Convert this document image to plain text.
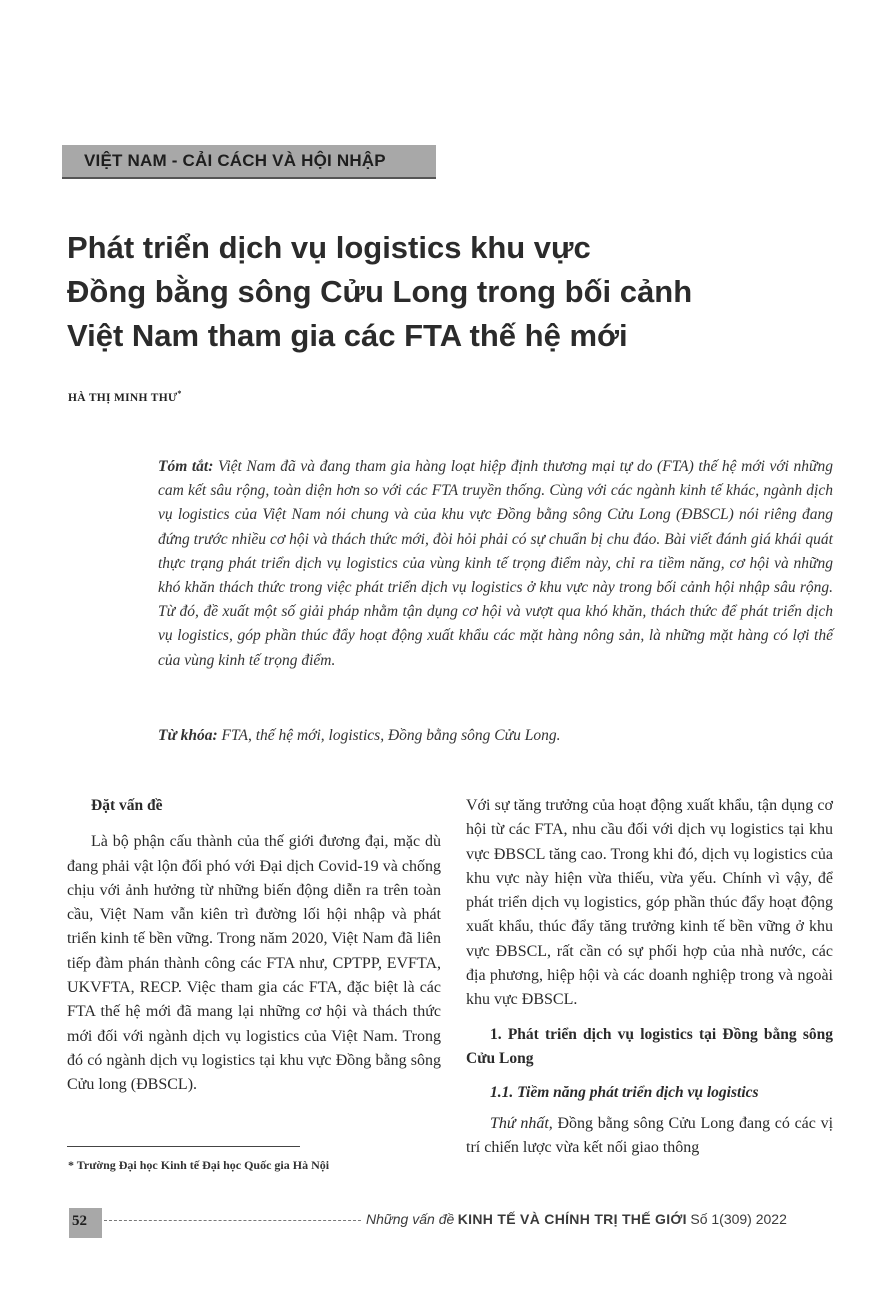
VIỆT NAM - CẢI CÁCH VÀ HỘI NHẬP
Phát triển dịch vụ logistics khu vực
Đồng bằng sông Cửu Long trong bối cảnh
Việt Nam tham gia các FTA thế hệ mới
HÀ THỊ MINH THƯ*
Tóm tắt: Việt Nam đã và đang tham gia hàng loạt hiệp định thương mại tự do (FTA) thế hệ mới với những cam kết sâu rộng, toàn diện hơn so với các FTA truyền thống. Cùng với các ngành kinh tế khác, ngành dịch vụ logistics của Việt Nam nói chung và của khu vực Đồng bằng sông Cửu Long (ĐBSCL) nói riêng đang đứng trước nhiều cơ hội và thách thức mới, đòi hỏi phải có sự chuẩn bị chu đáo. Bài viết đánh giá khái quát thực trạng phát triển dịch vụ logistics của vùng kinh tế trọng điểm này, chỉ ra tiềm năng, cơ hội và những khó khăn thách thức trong việc phát triển dịch vụ logistics ở khu vực này trong bối cảnh hội nhập sâu rộng. Từ đó, đề xuất một số giải pháp nhằm tận dụng cơ hội và vượt qua khó khăn, thách thức để phát triển dịch vụ logistics, góp phần thúc đẩy hoạt động xuất khẩu các mặt hàng nông sản, là những mặt hàng có lợi thế của vùng kinh tế trọng điểm.
Từ khóa: FTA, thế hệ mới, logistics, Đồng bằng sông Cửu Long.

Đặt vấn đề

Là bộ phận cấu thành của thế giới đương đại, mặc dù đang phải vật lộn đối phó với Đại dịch Covid-19 và chống chịu với ảnh hưởng từ những biến động diễn ra trên toàn cầu, Việt Nam vẫn kiên trì đường lối hội nhập và phát triển kinh tế bền vững. Trong năm 2020, Việt Nam đã liên tiếp đàm phán thành công các FTA như, CPTPP, EVFTA, UKVFTA, RECP. Việc tham gia các FTA, đặc biệt là các FTA thế hệ mới đã mang lại những cơ hội và thách thức mới đối với ngành dịch vụ logistics của Việt Nam. Trong đó có ngành dịch vụ logistics tại khu vực Đồng bằng sông Cửu long (ĐBSCL).

Với sự tăng trưởng của hoạt động xuất khẩu, tận dụng cơ hội từ các FTA, nhu cầu đối với dịch vụ logistics tại khu vực ĐBSCL tăng cao. Trong khi đó, dịch vụ logistics của khu vực này hiện vừa thiếu, vừa yếu. Chính vì vậy, để phát triển dịch vụ logistics, góp phần thúc đẩy hoạt động xuất khẩu, thúc đẩy tăng trưởng kinh tế bền vững ở khu vực ĐBSCL, rất cần có sự phối hợp của nhà nước, các địa phương, hiệp hội và các doanh nghiệp trong và ngoài khu vực ĐBSCL.

1. Phát triển dịch vụ logistics tại Đồng bằng sông Cửu Long

1.1. Tiềm năng phát triển dịch vụ logistics

Thứ nhất, Đồng bằng sông Cửu Long đang có các vị trí chiến lược vừa kết nối giao thông

* Trường Đại học Kinh tế Đại học Quốc gia Hà Nội
52	Những vấn đề KINH TẾ VÀ CHÍNH TRỊ THẾ GIỚI Số 1(309) 2022
